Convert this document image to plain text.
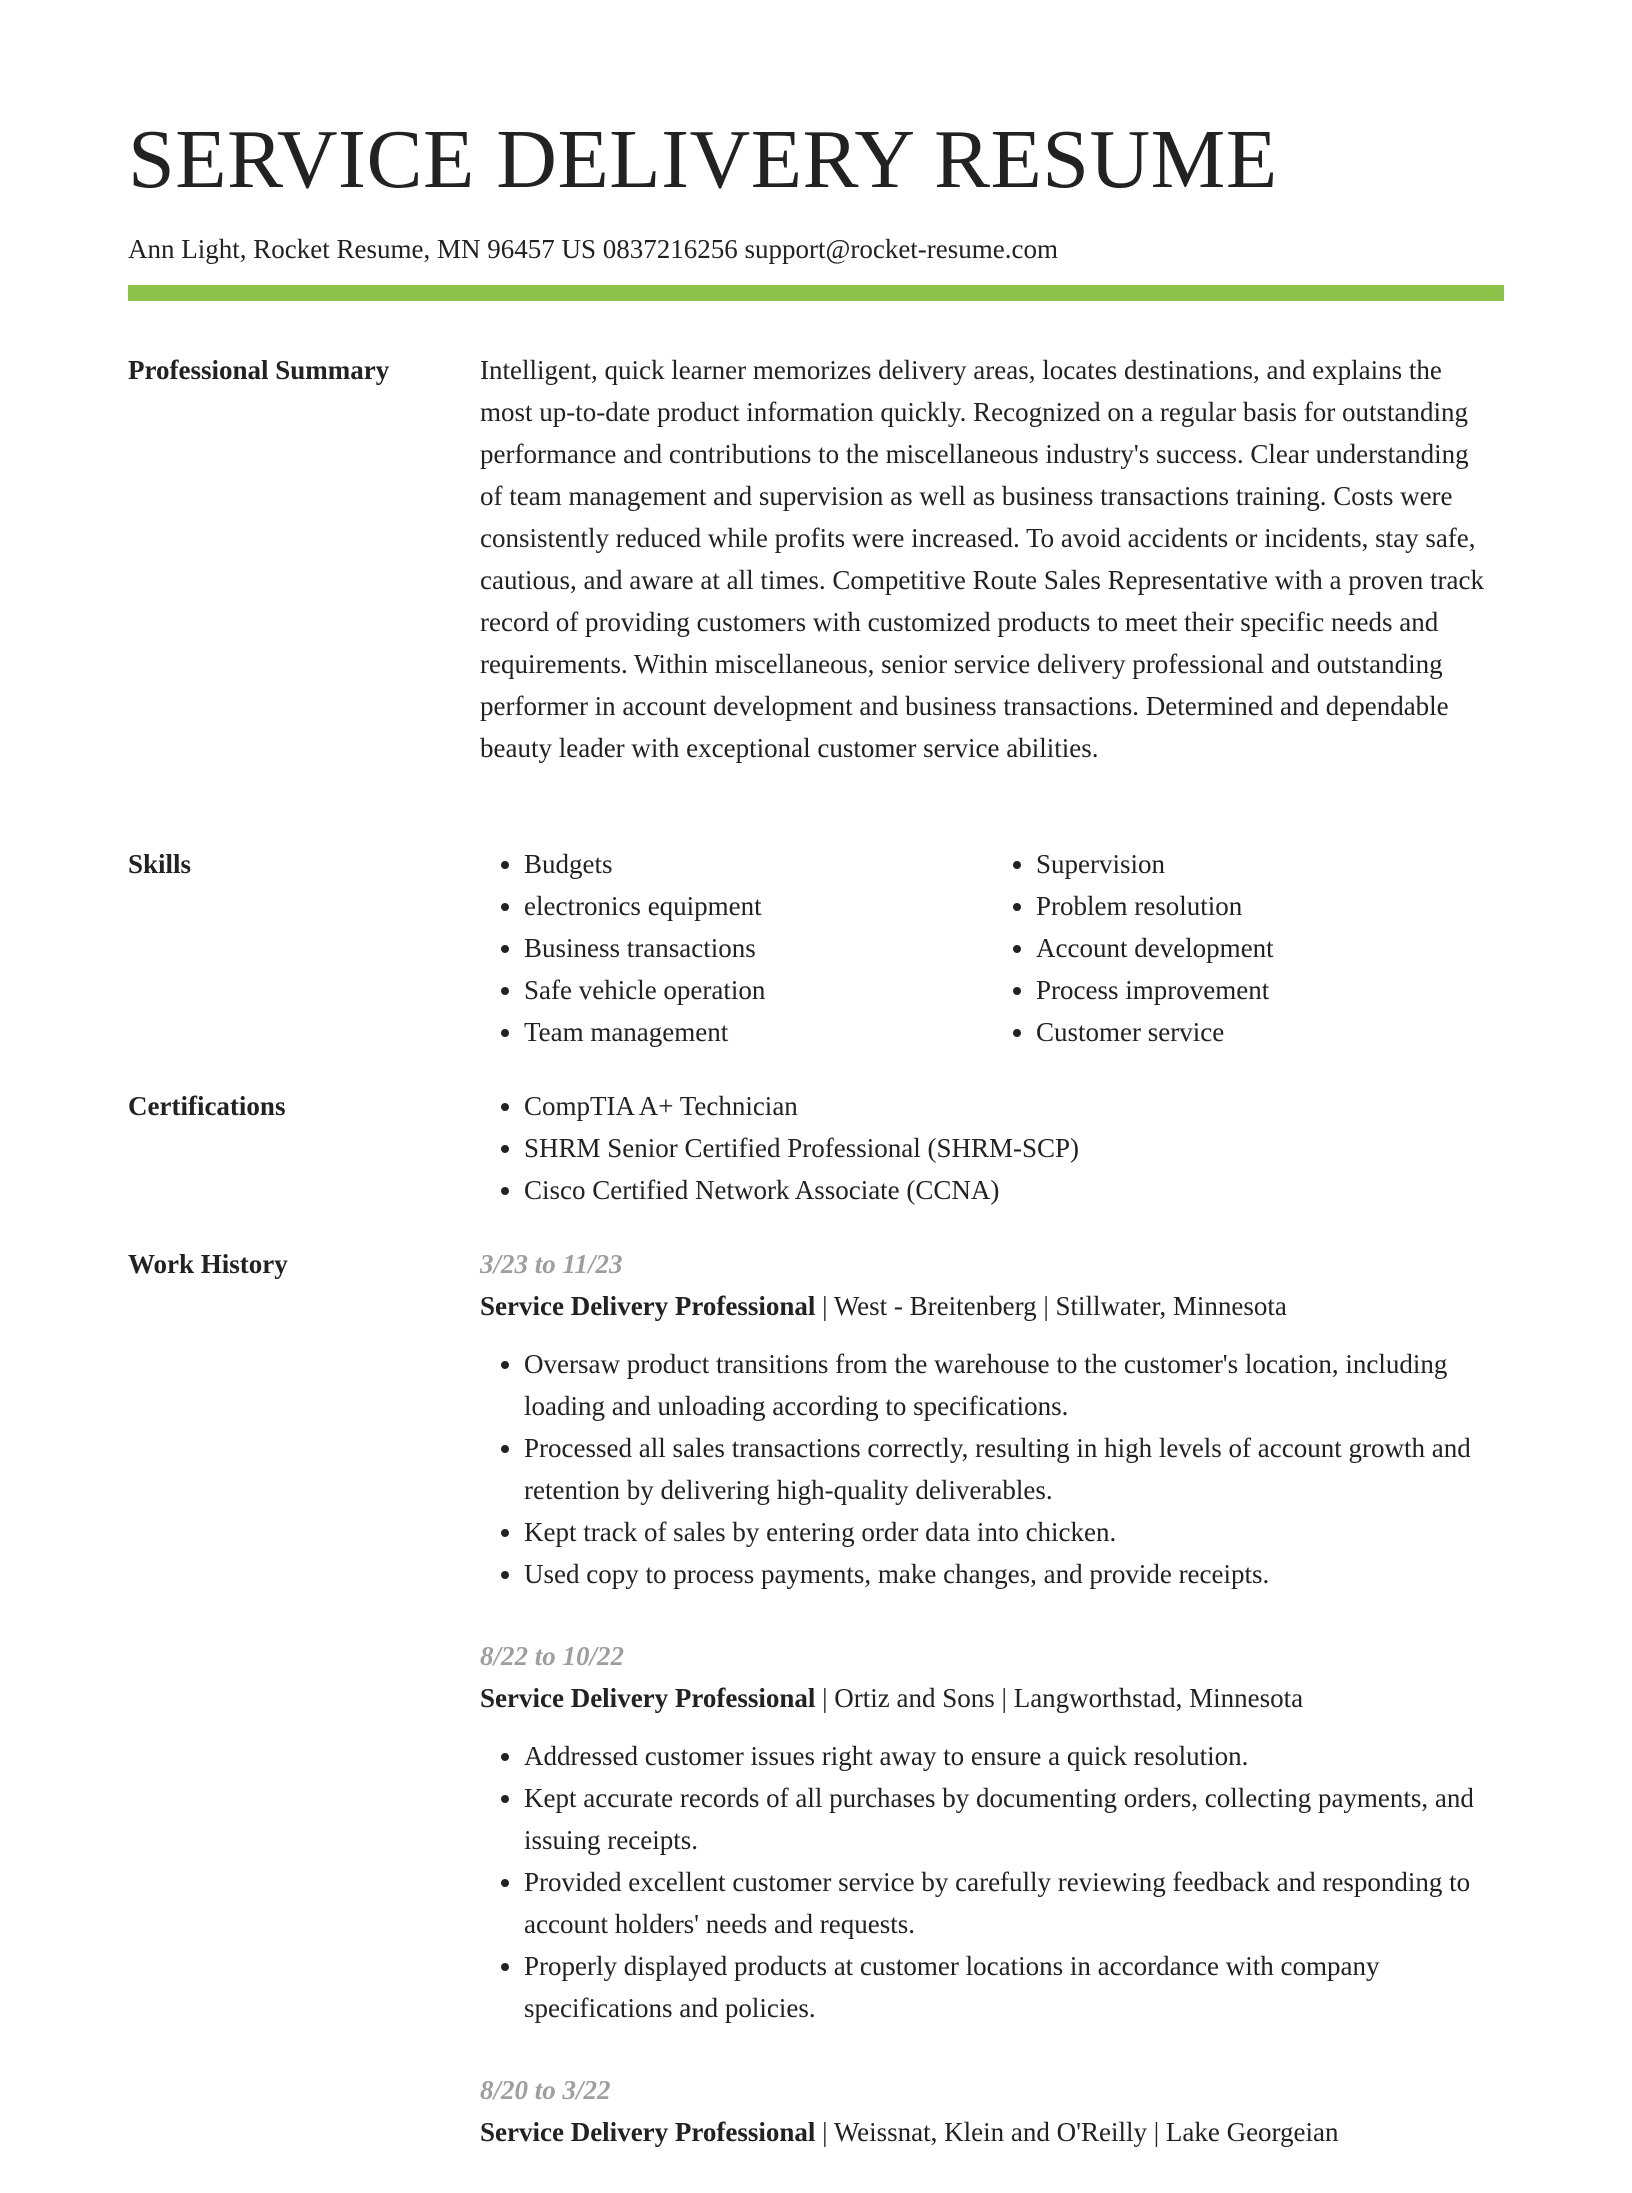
SERVICE DELIVERY RESUME
Ann Light, Rocket Resume, MN 96457 US 0837216256 support@rocket-resume.com
Professional Summary	Intelligent, quick learner memorizes delivery areas, locates destinations, and explains the most up-to-date product information quickly. Recognized on a regular basis for outstanding performance and contributions to the miscellaneous industry's success. Clear understanding of team management and supervision as well as business transactions training. Costs were consistently reduced while profits were increased. To avoid accidents or incidents, stay safe, cautious, and aware at all times. Competitive Route Sales Representative with a proven track record of providing customers with customized products to meet their specific needs and requirements. Within miscellaneous, senior service delivery professional and outstanding performer in account development and business transactions. Determined and dependable beauty leader with exceptional customer service abilities.

Skills	• Budgets
• electronics equipment
• Business transactions
• Safe vehicle operation
• Team management
• Supervision
• Problem resolution
• Account development
• Process improvement
• Customer service
Certifications	• CompTIA A+ Technician
• SHRM Senior Certified Professional (SHRM-SCP)
• Cisco Certified Network Associate (CCNA)
Work History	3/23 to 11/23
Service Delivery Professional | West - Breitenberg | Stillwater, Minnesota
• Oversaw product transitions from the warehouse to the customer's location, including loading and unloading according to specifications.
• Processed all sales transactions correctly, resulting in high levels of account growth and retention by delivering high-quality deliverables.
• Kept track of sales by entering order data into chicken.
• Used copy to process payments, make changes, and provide receipts.
8/22 to 10/22
Service Delivery Professional | Ortiz and Sons | Langworthstad, Minnesota
• Addressed customer issues right away to ensure a quick resolution.
• Kept accurate records of all purchases by documenting orders, collecting payments, and issuing receipts.
• Provided excellent customer service by carefully reviewing feedback and responding to account holders' needs and requests.
• Properly displayed products at customer locations in accordance with company specifications and policies.
8/20 to 3/22
Service Delivery Professional | Weissnat, Klein and O'Reilly | Lake Georgeian
